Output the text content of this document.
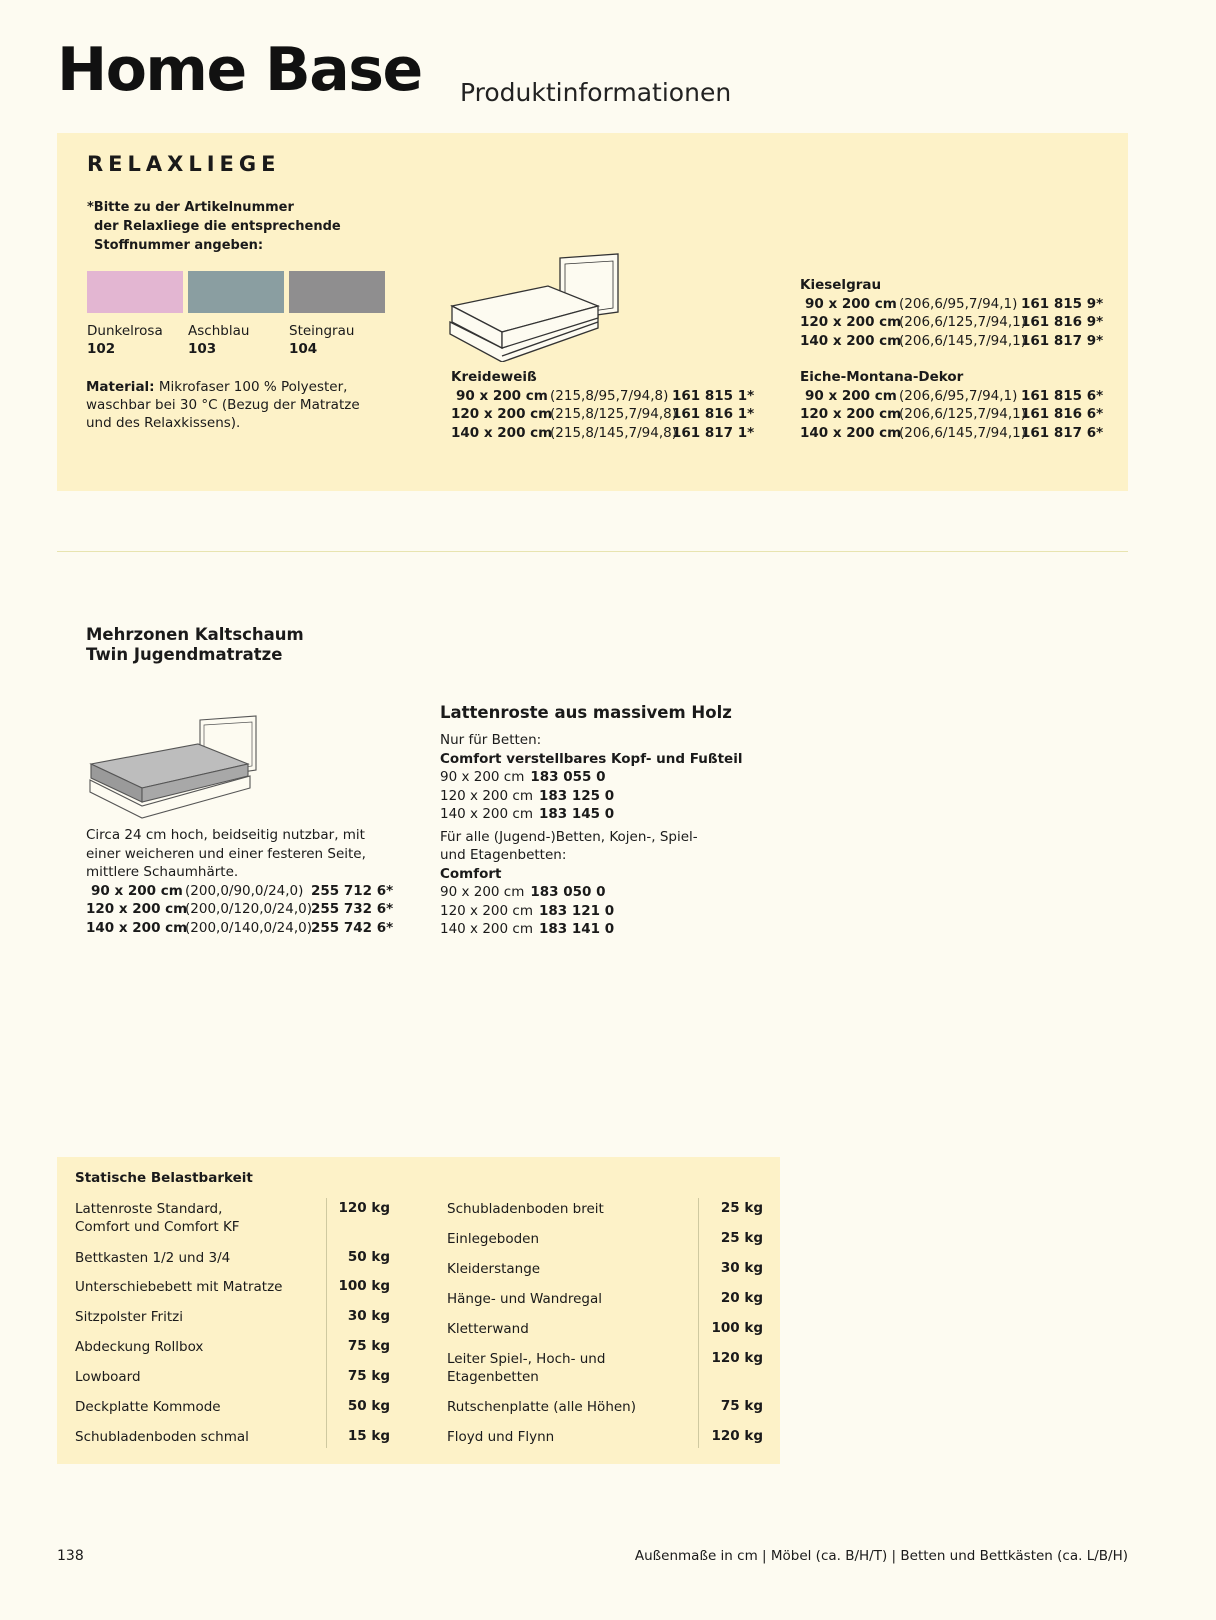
Home Base Produktinformationen
RELAXLIEGE
*Bitte zu der Artikelnummer
der Relaxliege die entsprechende
Stoffnummer angeben:
Material: Mikrofaser 100 % Polyester, waschbar bei 30 °C (Bezug der Matratze und des Relaxkissens).
Mehrzonen Kaltschaum
Twin Jugendmatratze
Circa 24 cm hoch, beidseitig nutzbar, mit einer weicheren und einer festeren Seite, mittlere Schaumhärte.
90 x 200 cm (200,0/90,0/24,0) 255 712 6*
120 x 200 cm(200,0/120,0/24,0)255 732 6*
140 x 200 cm(200,0/140,0/24,0)255 742 6*
Lattenroste aus massivem Holz
Nur für Betten:
Comfort verstellbares Kopf- und Fußteil
90 x 200 cm 183 055 0
120 x 200 cm 183 125 0
140 x 200 cm 183 145 0
Für alle (Jugend-)Betten, Kojen-, Spiel-
und Etagenbetten:
Comfort
90 x 200 cm 183 050 0
120 x 200 cm 183 121 0
140 x 200 cm 183 141 0
Statische Belastbarkeit
138	Außenmaße in cm | Möbel (ca. B/H/T) | Betten und Bettkästen (ca. L/B/H)
Dunkelrosa
102
Aschblau
103
Steingrau
104
Kreideweiß
90 x 200 cm (215,8/95,7/94,8) 161 815 1*
120 x 200 cm(215,8/125,7/94,8)161 816 1*
140 x 200 cm(215,8/145,7/94,8)161 817 1*
Kieselgrau
90 x 200 cm (206,6/95,7/94,1) 161 815 9*
120 x 200 cm(206,6/125,7/94,1)161 816 9*
140 x 200 cm(206,6/145,7/94,1)161 817 9*
Eiche-Montana-Dekor
90 x 200 cm (206,6/95,7/94,1) 161 815 6*
120 x 200 cm(206,6/125,7/94,1)161 816 6*
140 x 200 cm(206,6/145,7/94,1)161 817 6*
Lattenroste Standard,
Comfort und Comfort KF
120 kg
Bettkasten 1/2 und 3/4	50 kg
Unterschiebebett mit Matratze	100 kg
Sitzpolster Fritzi	30 kg
Abdeckung Rollbox	75 kg
Lowboard	75 kg
Deckplatte Kommode	50 kg
Schubladenboden schmal	15 kg
Schubladenboden breit	25 kg
Einlegeboden	25 kg
Kleiderstange	30 kg
Hänge- und Wandregal	20 kg
Kletterwand	100 kg
Leiter Spiel-, Hoch- und
Etagenbetten
120 kg
Rutschenplatte (alle Höhen)	75 kg
Floyd und Flynn	120 kg
